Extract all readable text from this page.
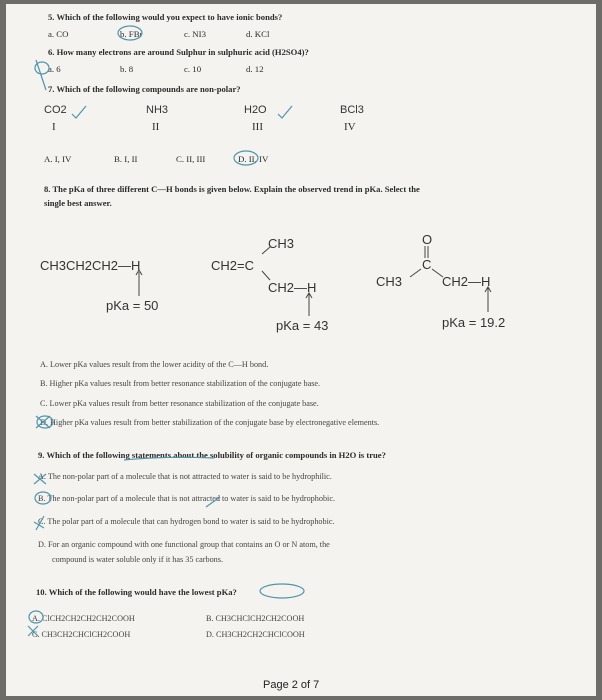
5. Which of the following would you expect to have ionic bonds?
a. CO	b. FBr	c. NI3	d. KCl
6. How many electrons are around Sulphur in sulphuric acid (H2SO4)?
a. 6	b. 8	c. 10	d. 12
7. Which of the following compounds are non-polar?
CO2
I
NH3
II
H2O
III
BCl3
IV
A. I, IV	B. I, II	C. II, III	D. II, IV
8. The pKa of three different C—H bonds is given below. Explain the observed trend in pKa. Select the
single best answer.
CH3CH2CH2—H
pKa = 50
CH3
CH2=C
CH2—H
pKa = 43
O
C
CH3	CH2—H
pKa = 19.2
A. Lower pKa values result from the lower acidity of the C—H bond.
B. Higher pKa values result from better resonance stabilization of the conjugate base.
C. Lower pKa values result from better resonance stabilization of the conjugate base.
D. Higher pKa values result from better stabilization of the conjugate base by electronegative elements.
9. Which of the following statements about the solubility of organic compounds in H2O is true?
A. The non-polar part of a molecule that is not attracted to water is said to be hydrophilic.
B. The non-polar part of a molecule that is not attracted to water is said to be hydrophobic.
C. The polar part of a molecule that can hydrogen bond to water is said to be hydrophobic.
D. For an organic compound with one functional group that contains an O or N atom, the
compound is water soluble only if it has 35 carbons.
10. Which of the following would have the lowest pKa?
A. ClCH2CH2CH2CH2COOH	B. CH3CHClCH2CH2COOH
C. CH3CH2CHClCH2COOH	D. CH3CH2CH2CHClCOOH
Page 2 of 7
